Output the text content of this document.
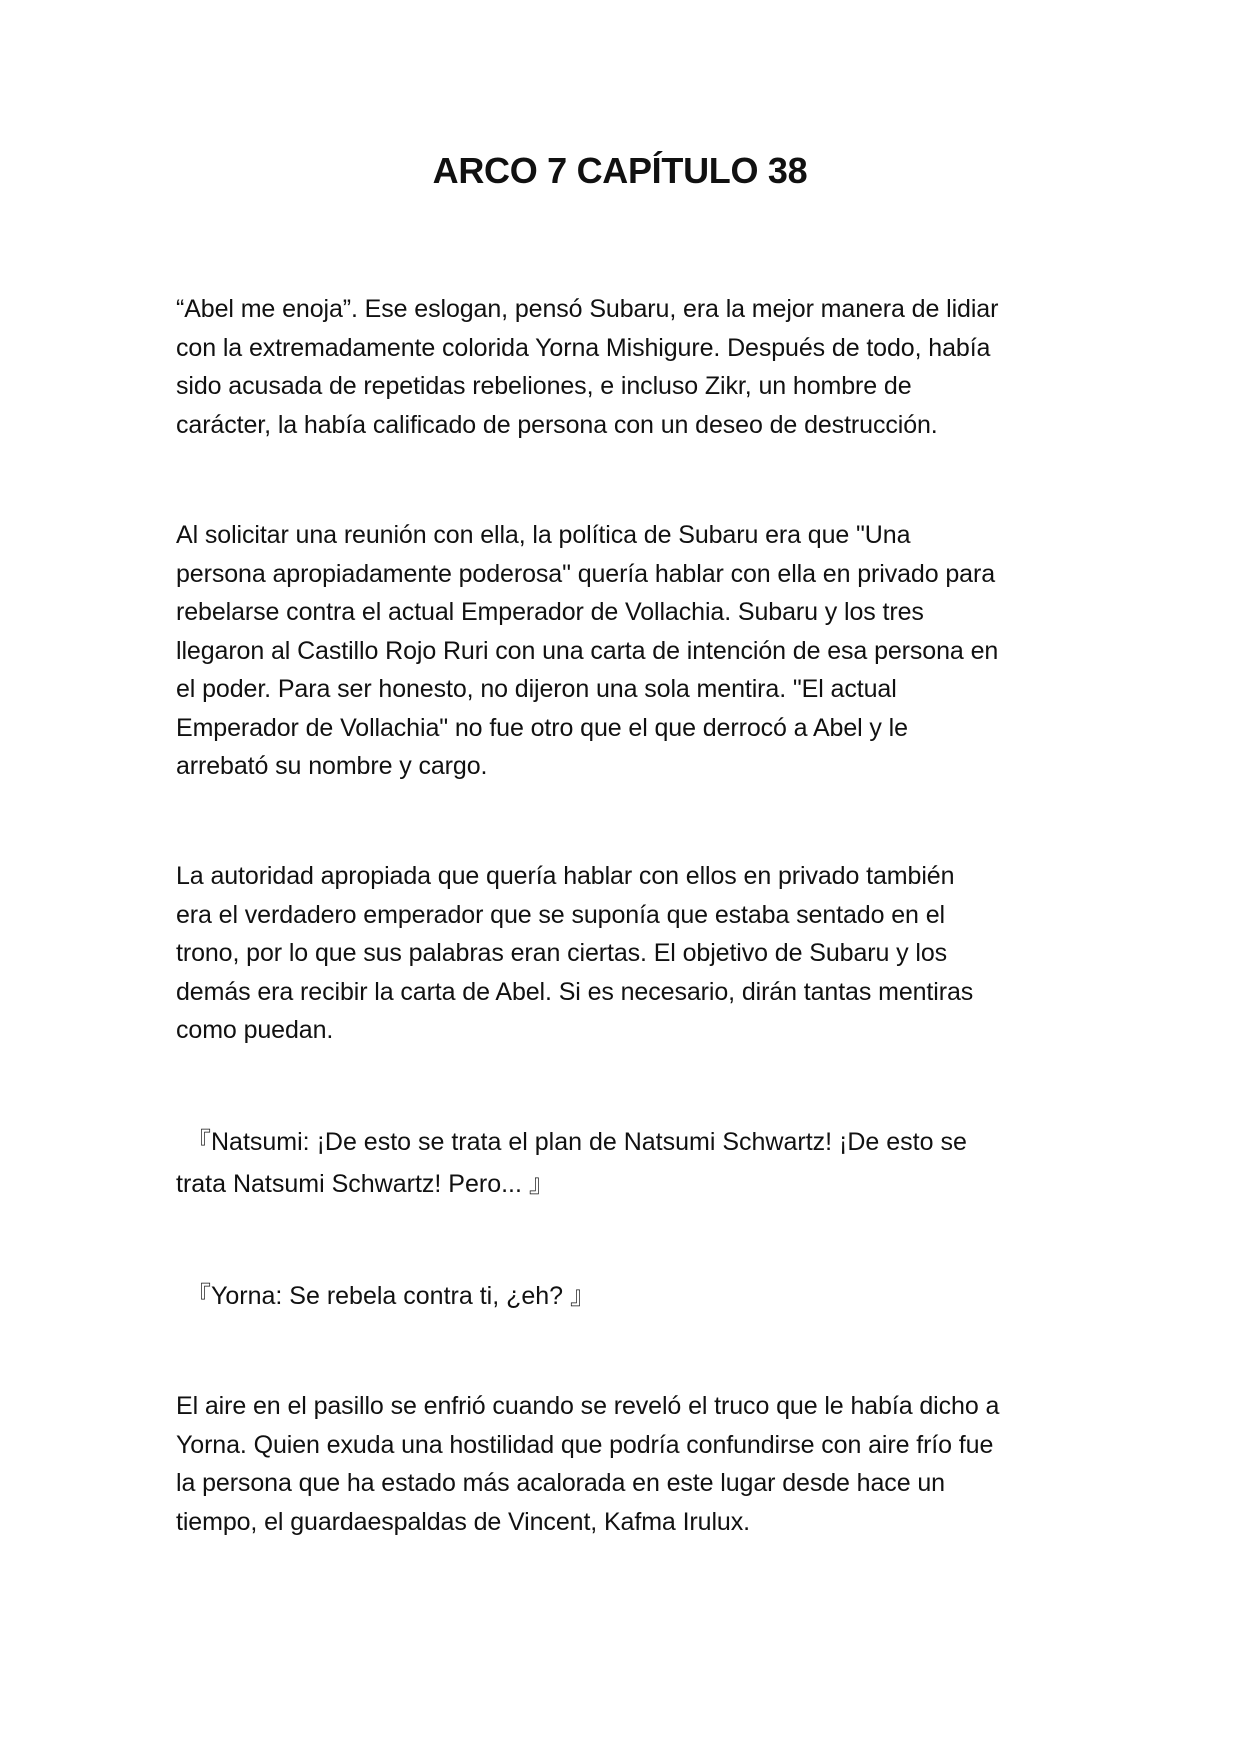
ARCO 7 CAPÍTULO 38

“Abel me enoja”. Ese eslogan, pensó Subaru, era la mejor manera de lidiar
con la extremadamente colorida Yorna Mishigure. Después de todo, había
sido acusada de repetidas rebeliones, e incluso Zikr, un hombre de
carácter, la había calificado de persona con un deseo de destrucción.

Al solicitar una reunión con ella, la política de Subaru era que "Una
persona apropiadamente poderosa" quería hablar con ella en privado para
rebelarse contra el actual Emperador de Vollachia. Subaru y los tres
llegaron al Castillo Rojo Ruri con una carta de intención de esa persona en
el poder. Para ser honesto, no dijeron una sola mentira. "El actual
Emperador de Vollachia" no fue otro que el que derrocó a Abel y le
arrebató su nombre y cargo.

La autoridad apropiada que quería hablar con ellos en privado también
era el verdadero emperador que se suponía que estaba sentado en el
trono, por lo que sus palabras eran ciertas. El objetivo de Subaru y los
demás era recibir la carta de Abel. Si es necesario, dirán tantas mentiras
como puedan.

『Natsumi: ¡De esto se trata el plan de Natsumi Schwartz! ¡De esto se
trata Natsumi Schwartz! Pero... 』

『Yorna: Se rebela contra ti, ¿eh? 』

El aire en el pasillo se enfrió cuando se reveló el truco que le había dicho a
Yorna. Quien exuda una hostilidad que podría confundirse con aire frío fue
la persona que ha estado más acalorada en este lugar desde hace un
tiempo, el guardaespaldas de Vincent, Kafma Irulux.
